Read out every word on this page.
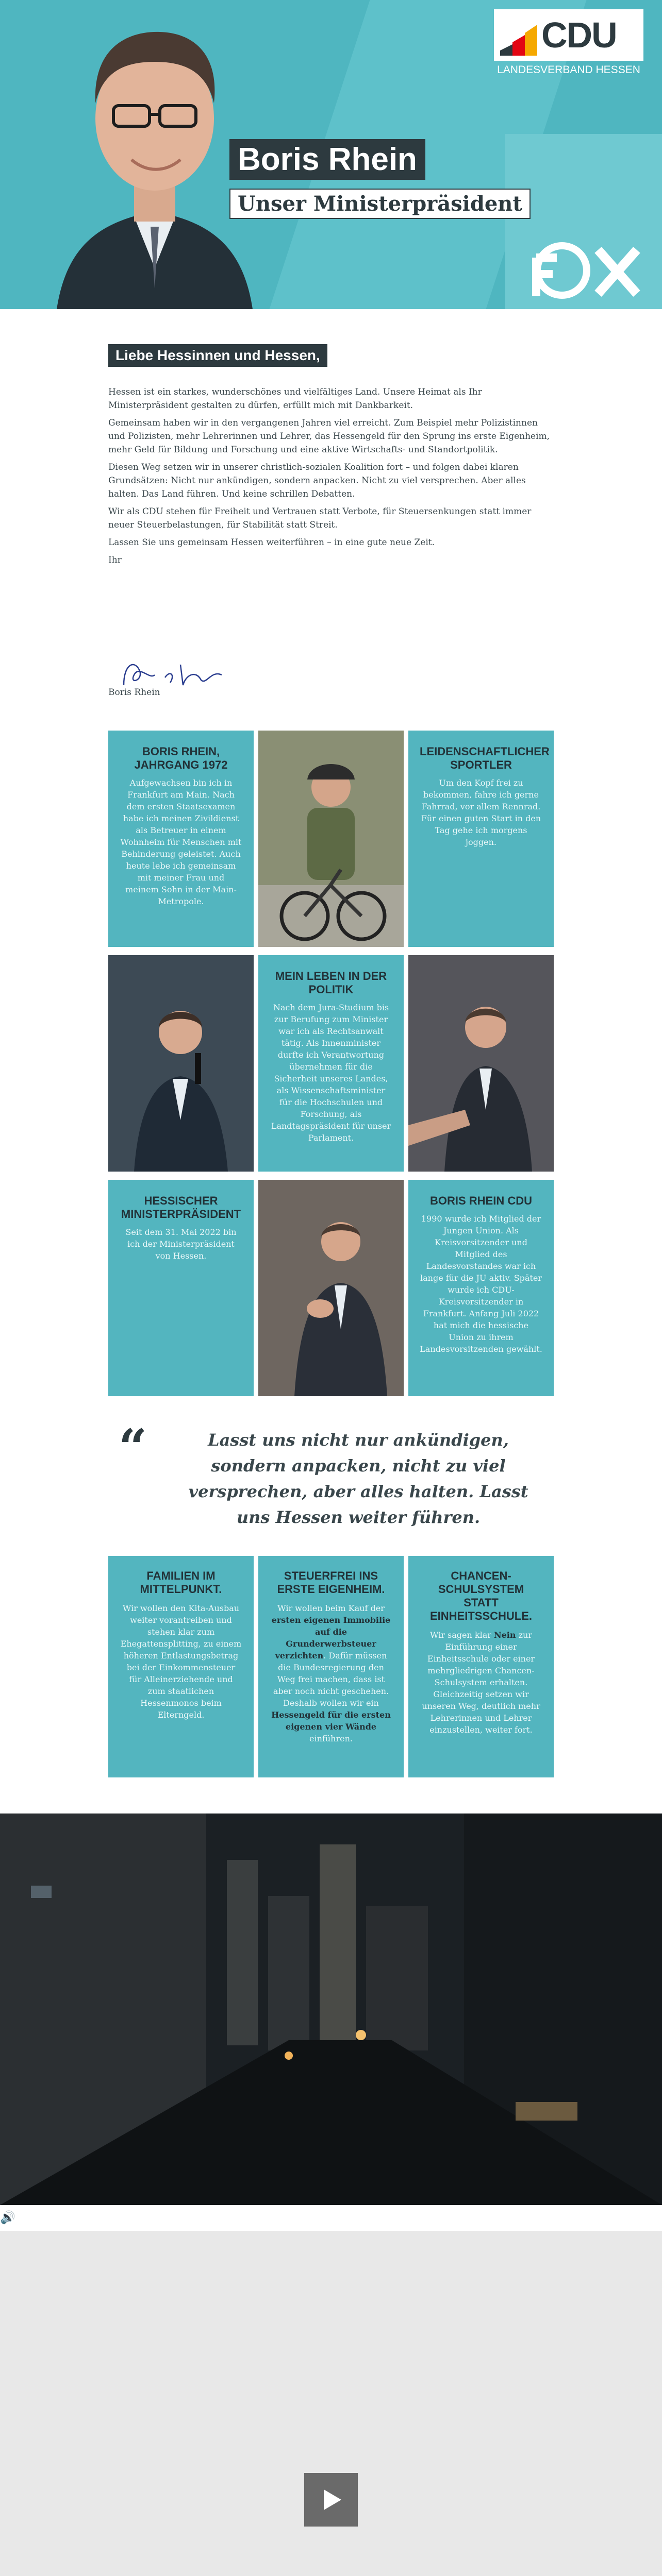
Boris Rhein
Unser Ministerpräsident
CDU
LANDESVERBAND HESSEN
Liebe Hessinnen und Hessen,

Hessen ist ein starkes, wunderschönes und vielfältiges Land. Unsere Heimat als Ihr Ministerpräsident gestalten zu dürfen, erfüllt mich mit Dankbarkeit.

Gemeinsam haben wir in den vergangenen Jahren viel erreicht. Zum Beispiel mehr Polizistinnen und Polizisten, mehr Lehrerinnen und Lehrer, das Hessengeld für den Sprung ins erste Eigenheim, mehr Geld für Bildung und Forschung und eine aktive Wirtschafts- und Standortpolitik.

Diesen Weg setzen wir in unserer christlich-sozialen Koalition fort – und folgen dabei klaren Grundsätzen: Nicht nur ankündigen, sondern anpacken. Nicht zu viel versprechen. Aber alles halten. Das Land führen. Und keine schrillen Debatten.

Wir als CDU stehen für Freiheit und Vertrauen statt Verbote, für Steuersenkungen statt immer neuer Steuerbelastungen, für Stabilität statt Streit.

Lassen Sie uns gemeinsam Hessen weiterführen – in eine gute neue Zeit.

Ihr

Boris Rhein
BORIS RHEIN, JAHRGANG 1972

Aufgewachsen bin ich in Frankfurt am Main. Nach dem ersten Staatsexamen habe ich meinen Zivildienst als Betreuer in einem Wohnheim für Menschen mit Behinderung geleistet. Auch heute lebe ich gemeinsam mit meiner Frau und meinem Sohn in der Main-Metropole.

LEIDENSCHAFTLICHER SPORTLER

Um den Kopf frei zu bekommen, fahre ich gerne Fahrrad, vor allem Rennrad. Für einen guten Start in den Tag gehe ich morgens joggen.

MEIN LEBEN IN DER POLITIK

Nach dem Jura-Studium bis zur Berufung zum Minister war ich als Rechtsanwalt tätig. Als Innenminister durfte ich Verantwortung übernehmen für die Sicherheit unseres Landes, als Wissenschaftsminister für die Hochschulen und Forschung, als Landtagspräsident für unser Parlament.

HESSISCHER MINISTERPRÄSIDENT

Seit dem 31. Mai 2022 bin ich der Ministerpräsident von Hessen.

BORIS RHEIN CDU

1990 wurde ich Mitglied der Jungen Union. Als Kreisvorsitzender und Mitglied des Landesvorstandes war ich lange für die JU aktiv. Später wurde ich CDU-Kreisvorsitzender in Frankfurt. Anfang Juli 2022 hat mich die hessische Union zu ihrem Landesvorsitzenden gewählt.

“	Lasst uns nicht nur ankündigen, sondern anpacken, nicht zu viel versprechen, aber alles halten. Lasst uns Hessen weiter führen.
FAMILIEN IM MITTELPUNKT.

Wir wollen den Kita-Ausbau weiter vorantreiben und stehen klar zum Ehegattensplitting, zu einem höheren Entlastungsbetrag bei der Einkommensteuer für Alleinerziehende und zum staatlichen Hessenmonos beim Elterngeld.

STEUERFREI INS ERSTE EIGENHEIM.

Wir wollen beim Kauf der ersten eigenen Immobilie auf die Grunderwerbsteuer verzichten. Dafür müssen die Bundesregierung den Weg frei machen, dass ist aber noch nicht geschehen. Deshalb wollen wir ein Hessengeld für die ersten eigenen vier Wände einführen.

CHANCEN-SCHULSYSTEM STATT EINHEITSSCHULE.

Wir sagen klar Nein zur Einführung einer Einheitsschule oder einer mehrgliedrigen Chancen-Schulsystem erhalten. Gleichzeitig setzen wir unseren Weg, deutlich mehr Lehrerinnen und Lehrer einzustellen, weiter fort.

🔊
